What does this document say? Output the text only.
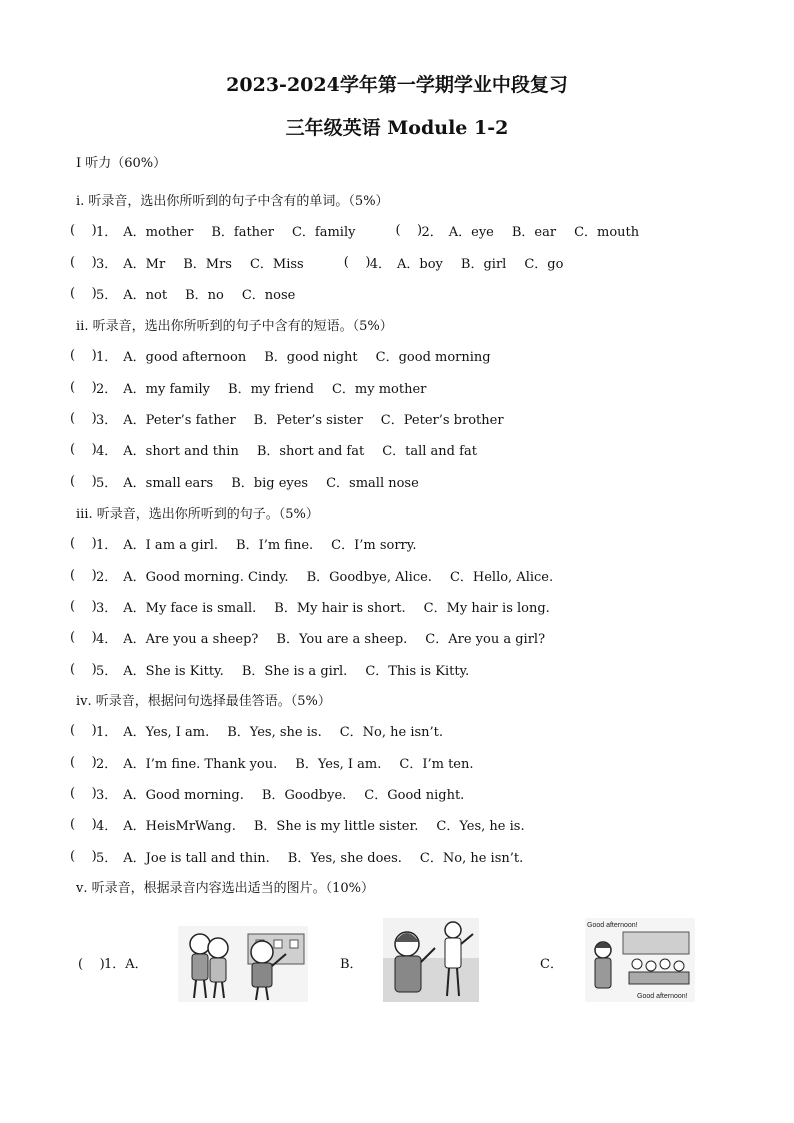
2023-2024学年第一学期学业中段复习
三年级英语 Module 1-2
Ⅰ 听力（60%）
ⅰ. 听录音，选出你所听到的句子中含有的单词。（5%）
(    ) 1． A．mother B．father C．family	(    ) 2． A．eye B．ear C．mouth
(    ) 3． A．Mr B．Mrs C．Miss	(    ) 4． A．boy B．girl C．go
(    ) 5． A．not B．no C．nose
ⅱ. 听录音，选出你所听到的句子中含有的短语。（5%）
(    ) 1． A．good afternoon B．good night C．good morning
(    ) 2． A．my family B．my friend C．my mother
(    ) 3． A．Peter’s father B．Peter’s sister C．Peter’s brother
(    ) 4． A．short and thin B．short and fat C．tall and fat
(    ) 5． A．small ears B．big eyes C．small nose
ⅲ. 听录音，选出你所听到的句子。（5%）
(    ) 1． A．I am a girl. B．I’m fine. C．I’m sorry.
(    ) 2． A．Good morning. Cindy. B．Goodbye, Alice. C．Hello, Alice.
(    ) 3． A．My face is small. B．My hair is short. C．My hair is long.
(    ) 4． A．Are you a sheep? B．You are a sheep. C．Are you a girl?
(    ) 5． A．She is Kitty. B．She is a girl. C．This is Kitty.
ⅳ. 听录音，根据问句选择最佳答语。（5%）
(    ) 1． A．Yes, I am. B．Yes, she is. C．No, he isn’t.
(    ) 2． A．I’m fine. Thank you. B．Yes, I am. C．I’m ten.
(    ) 3． A．Good morning. B．Goodbye. C．Good night.
(    ) 4． A．HeisMrWang. B．She is my little sister. C．Yes, he is.
(    ) 5． A．Joe is tall and thin. B．Yes, she does. C．No, he isn’t.
ⅴ. 听录音，根据录音内容选出适当的图片。（10%）
(    )1．A．	B．	C．
Good afternoon!
Good afternoon!
